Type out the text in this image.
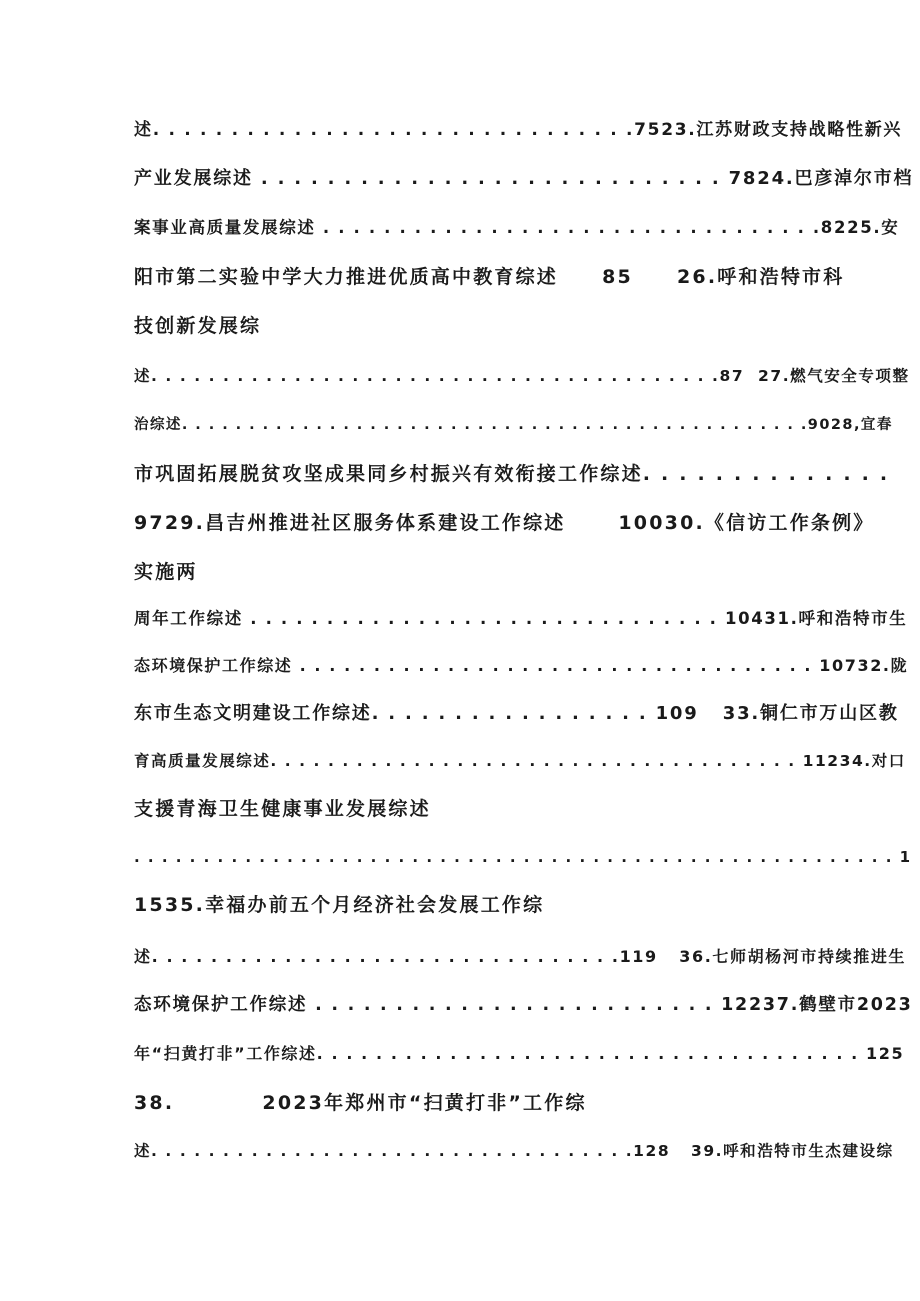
述. . . . . . . . . . . . . . . . . . . . . . . . . . . . . . .7523.江苏财政支持战略性新兴
产业发展综述 . . . . . . . . . . . . . . . . . . . . . . . . . . . . 7824.巴彦淖尔市档
案事业高质量发展综述 . . . . . . . . . . . . . . . . . . . . . . . . . . . . . . . . .8225.安
阳市第二实验中学大力推进优质高中教育综述     85     26.呼和浩特市科
技创新发展综
述. . . . . . . . . . . . . . . . . . . . . . . . . . . . . . . . . . . . . . . .87  27.燃气安全专项整
治综述. . . . . . . . . . . . . . . . . . . . . . . . . . . . . . . . . . . . . . . . . . . . . . .9028,宜春
市巩固拓展脱贫攻坚成果同乡村振兴有效衔接工作综述. . . . . . . . . . . . . .
9729.昌吉州推进社区服务体系建设工作综述      10030.《信访工作条例》
实施两
周年工作综述 . . . . . . . . . . . . . . . . . . . . . . . . . . . . . . . 10431.呼和浩特市生
态环境保护工作综述 . . . . . . . . . . . . . . . . . . . . . . . . . . . . . . . . . . . 10732.陇
东市生态文明建设工作综述. . . . . . . . . . . . . . . . . 109   33.铜仁市万山区教
育高质量发展综述. . . . . . . . . . . . . . . . . . . . . . . . . . . . . . . . . . . . . 11234.对口
支援青海卫生健康事业发展综述
. . . . . . . . . . . . . . . . . . . . . . . . . . . . . . . . . . . . . . . . . . . . . . . . . . . . . . . 1
1535.幸福办前五个月经济社会发展工作综
述. . . . . . . . . . . . . . . . . . . . . . . . . . . . . . . .119   36.七师胡杨河市持续推进生
态环境保护工作综述 . . . . . . . . . . . . . . . . . . . . . . . . . 12237.鹤壁市2023
年“扫黄打非”工作综述. . . . . . . . . . . . . . . . . . . . . . . . . . . . . . . . . . . . . 125
38.          2023年郑州市“扫黄打非”工作综
述. . . . . . . . . . . . . . . . . . . . . . . . . . . . . . . . . .128   39.呼和浩特市生杰建设综
